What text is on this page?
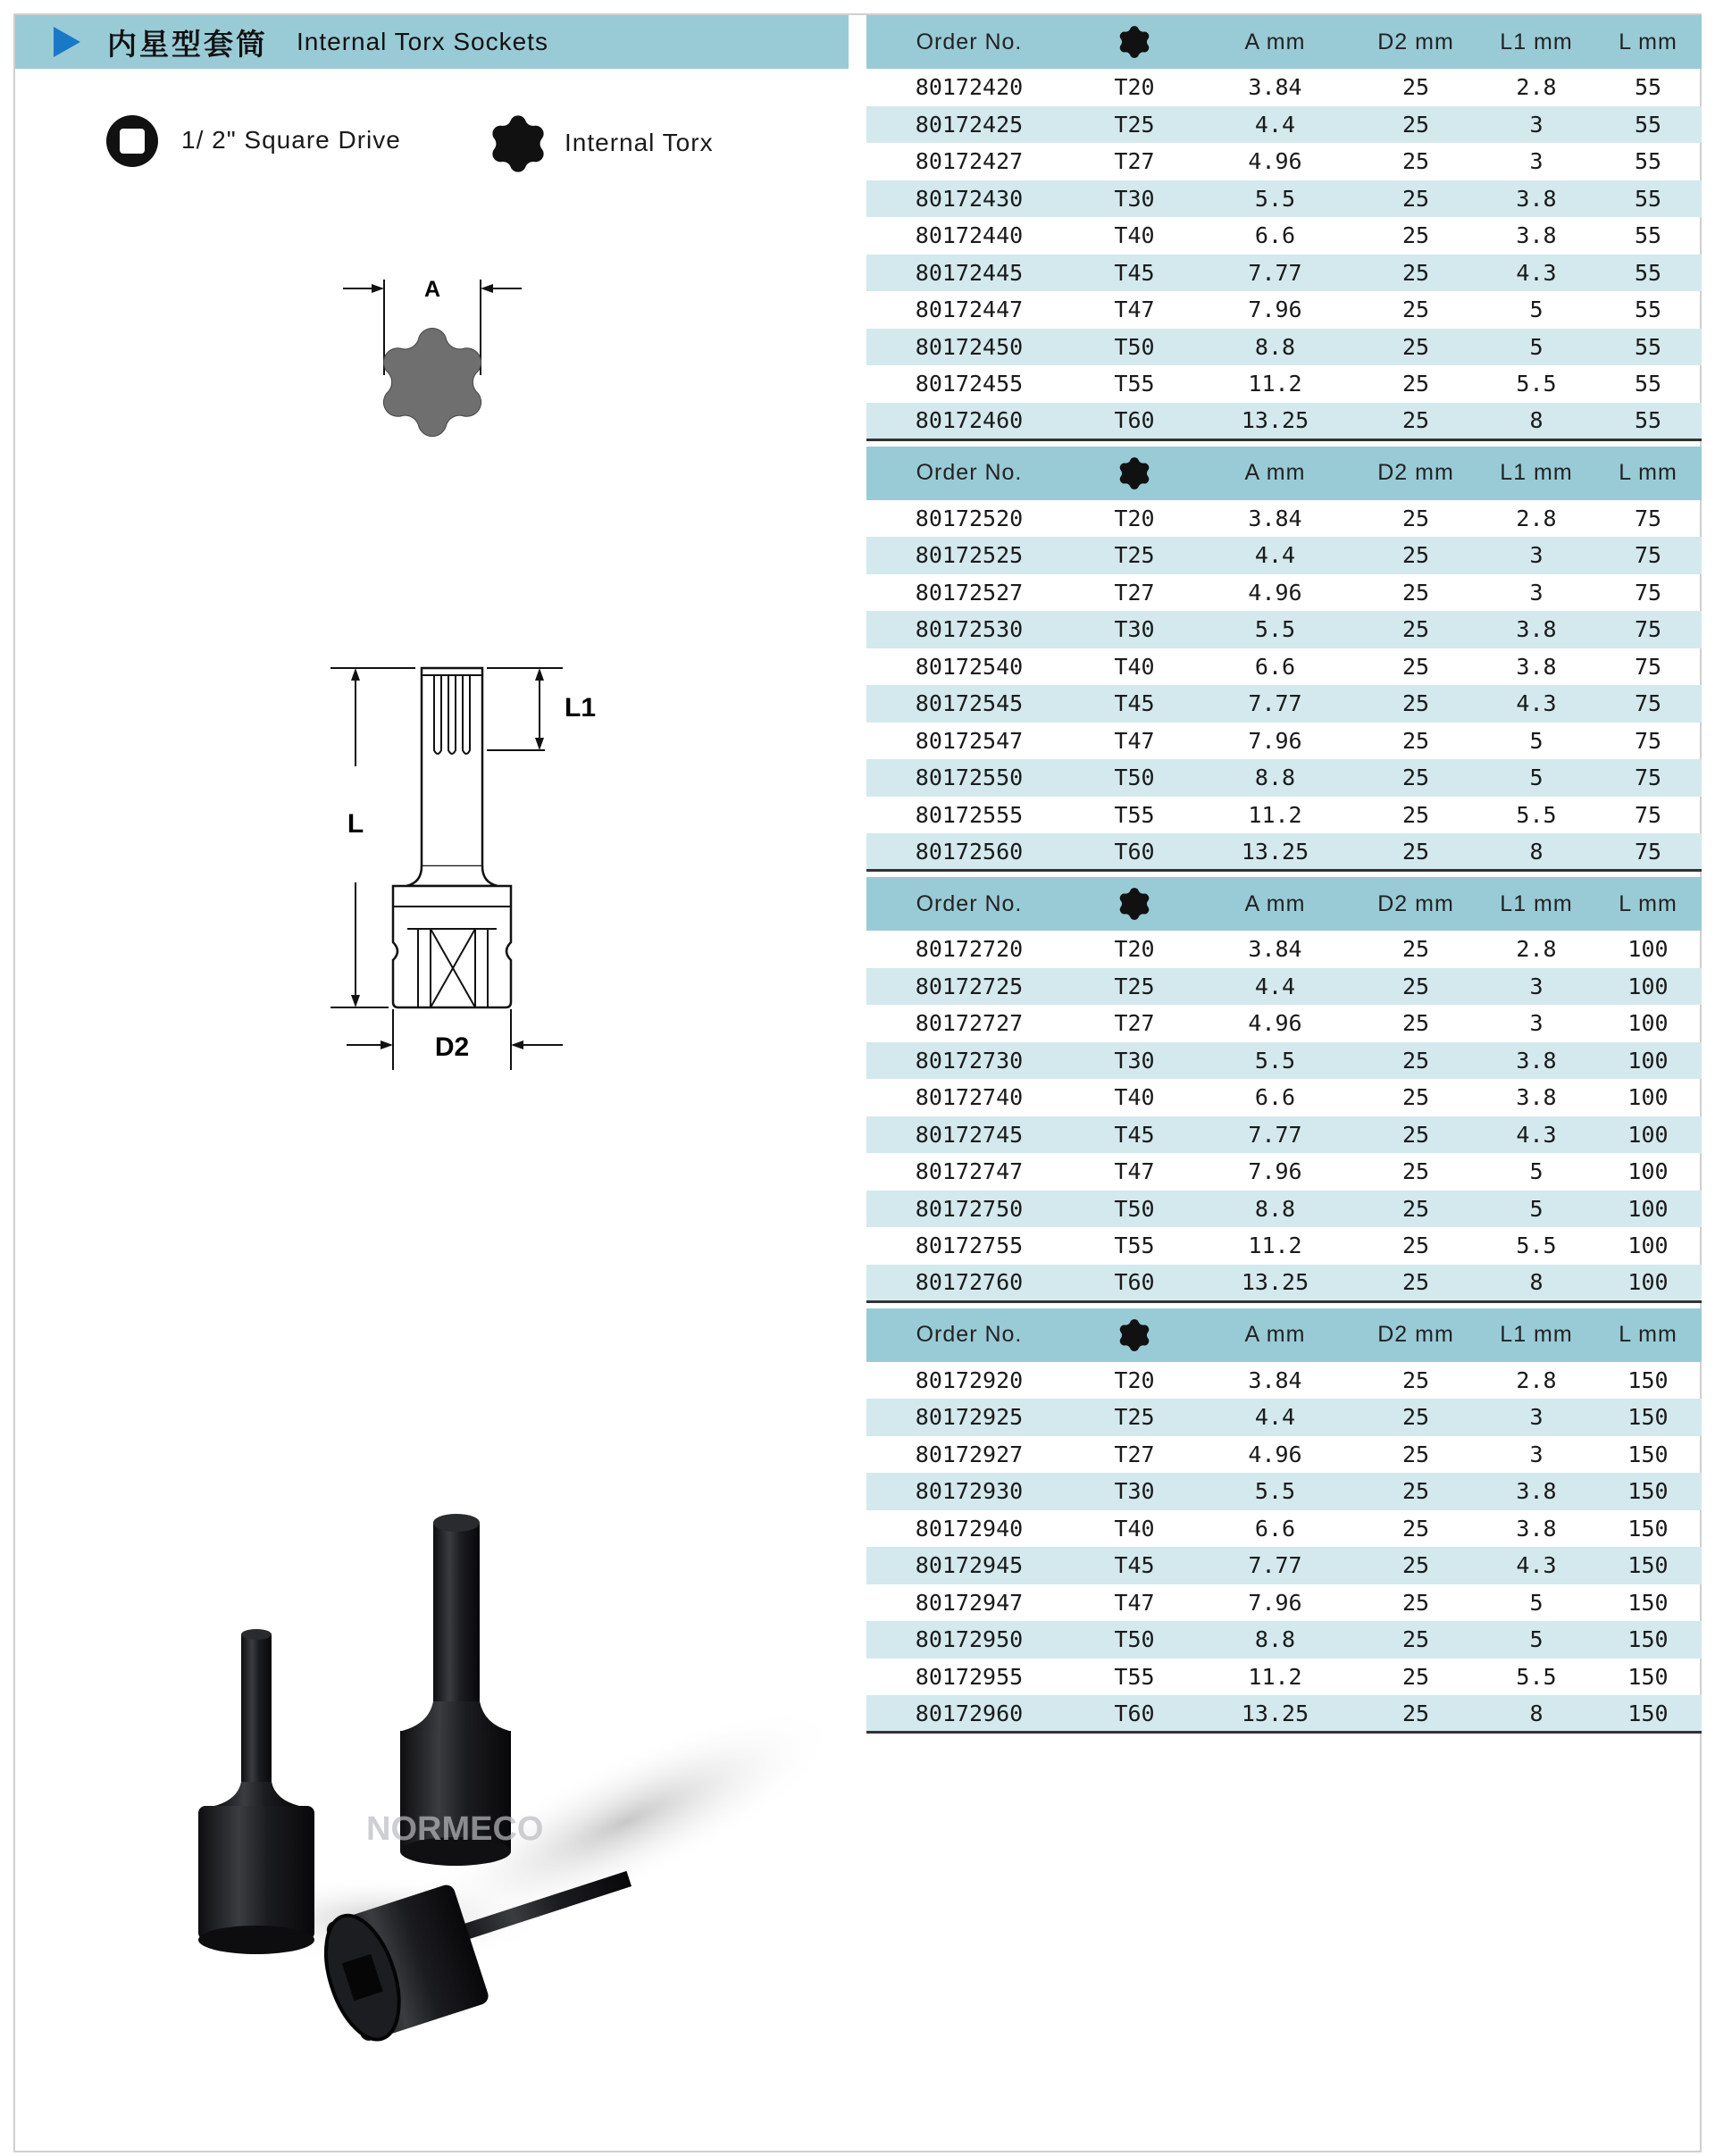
内星型套筒 Internal Torx Sockets
1/ 2" Square Drive	Internal Torx
A
L
L1
D2
NORMECO
Order No.		A mm	D2 mm	L1 mm	L mm
80172420	T20	3.84	25	2.8	55
80172425	T25	4.4	25	3	55
80172427	T27	4.96	25	3	55
80172430	T30	5.5	25	3.8	55
80172440	T40	6.6	25	3.8	55
80172445	T45	7.77	25	4.3	55
80172447	T47	7.96	25	5	55
80172450	T50	8.8	25	5	55
80172455	T55	11.2	25	5.5	55
80172460	T60	13.25	25	8	55
Order No.		A mm	D2 mm	L1 mm	L mm
80172520	T20	3.84	25	2.8	75
80172525	T25	4.4	25	3	75
80172527	T27	4.96	25	3	75
80172530	T30	5.5	25	3.8	75
80172540	T40	6.6	25	3.8	75
80172545	T45	7.77	25	4.3	75
80172547	T47	7.96	25	5	75
80172550	T50	8.8	25	5	75
80172555	T55	11.2	25	5.5	75
80172560	T60	13.25	25	8	75
Order No.		A mm	D2 mm	L1 mm	L mm
80172720	T20	3.84	25	2.8	100
80172725	T25	4.4	25	3	100
80172727	T27	4.96	25	3	100
80172730	T30	5.5	25	3.8	100
80172740	T40	6.6	25	3.8	100
80172745	T45	7.77	25	4.3	100
80172747	T47	7.96	25	5	100
80172750	T50	8.8	25	5	100
80172755	T55	11.2	25	5.5	100
80172760	T60	13.25	25	8	100
Order No.		A mm	D2 mm	L1 mm	L mm
80172920	T20	3.84	25	2.8	150
80172925	T25	4.4	25	3	150
80172927	T27	4.96	25	3	150
80172930	T30	5.5	25	3.8	150
80172940	T40	6.6	25	3.8	150
80172945	T45	7.77	25	4.3	150
80172947	T47	7.96	25	5	150
80172950	T50	8.8	25	5	150
80172955	T55	11.2	25	5.5	150
80172960	T60	13.25	25	8	150
